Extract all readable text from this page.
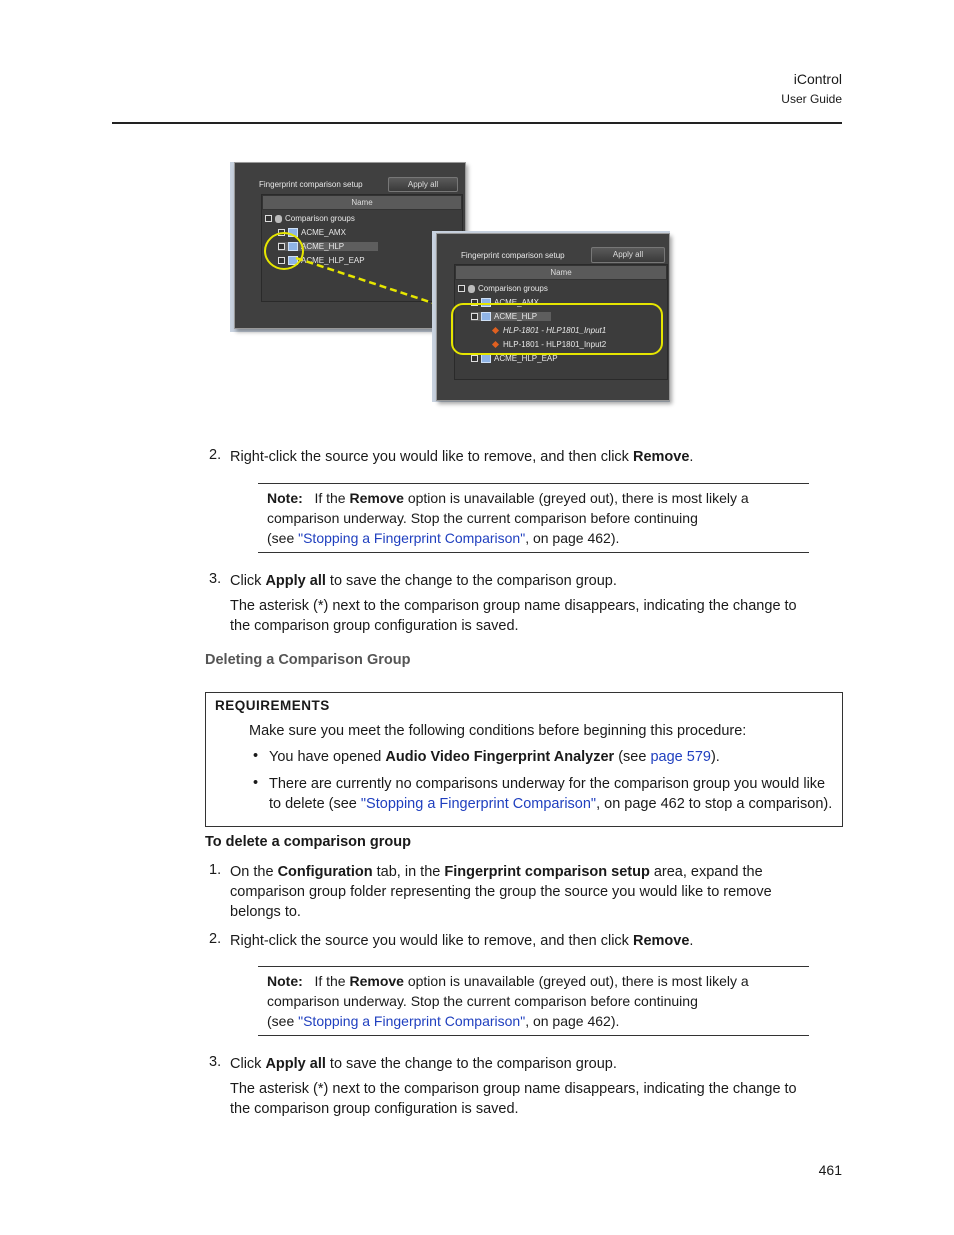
iControl
User Guide
Fingerprint comparison setup	Apply all
Name
Comparison groups
ACME_AMX
ACME_HLP
ACME_HLP_EAP
Fingerprint comparison setup	Apply all
Name
Comparison groups
ACME_AMX
ACME_HLP
HLP-1801 - HLP1801_Input1
HLP-1801 - HLP1801_Input2
ACME_HLP_EAP
2. Right-click the source you would like to remove, and then click Remove.
Note: If the Remove option is unavailable (greyed out), there is most likely a
comparison underway. Stop the current comparison before continuing
(see "Stopping a Fingerprint Comparison", on page 462).
3. Click Apply all to save the change to the comparison group.
The asterisk (*) next to the comparison group name disappears, indicating the change to
the comparison group configuration is saved.
Deleting a Comparison Group
REQUIREMENTS
Make sure you meet the following conditions before beginning this procedure:
• You have opened Audio Video Fingerprint Analyzer (see page 579).
• There are currently no comparisons underway for the comparison group you would like
to delete (see "Stopping a Fingerprint Comparison", on page 462 to stop a comparison).
To delete a comparison group
1. On the Configuration tab, in the Fingerprint comparison setup area, expand the
comparison group folder representing the group the source you would like to remove
belongs to.
2. Right-click the source you would like to remove, and then click Remove.
Note: If the Remove option is unavailable (greyed out), there is most likely a
comparison underway. Stop the current comparison before continuing
(see "Stopping a Fingerprint Comparison", on page 462).
3. Click Apply all to save the change to the comparison group.
The asterisk (*) next to the comparison group name disappears, indicating the change to
the comparison group configuration is saved.
461
